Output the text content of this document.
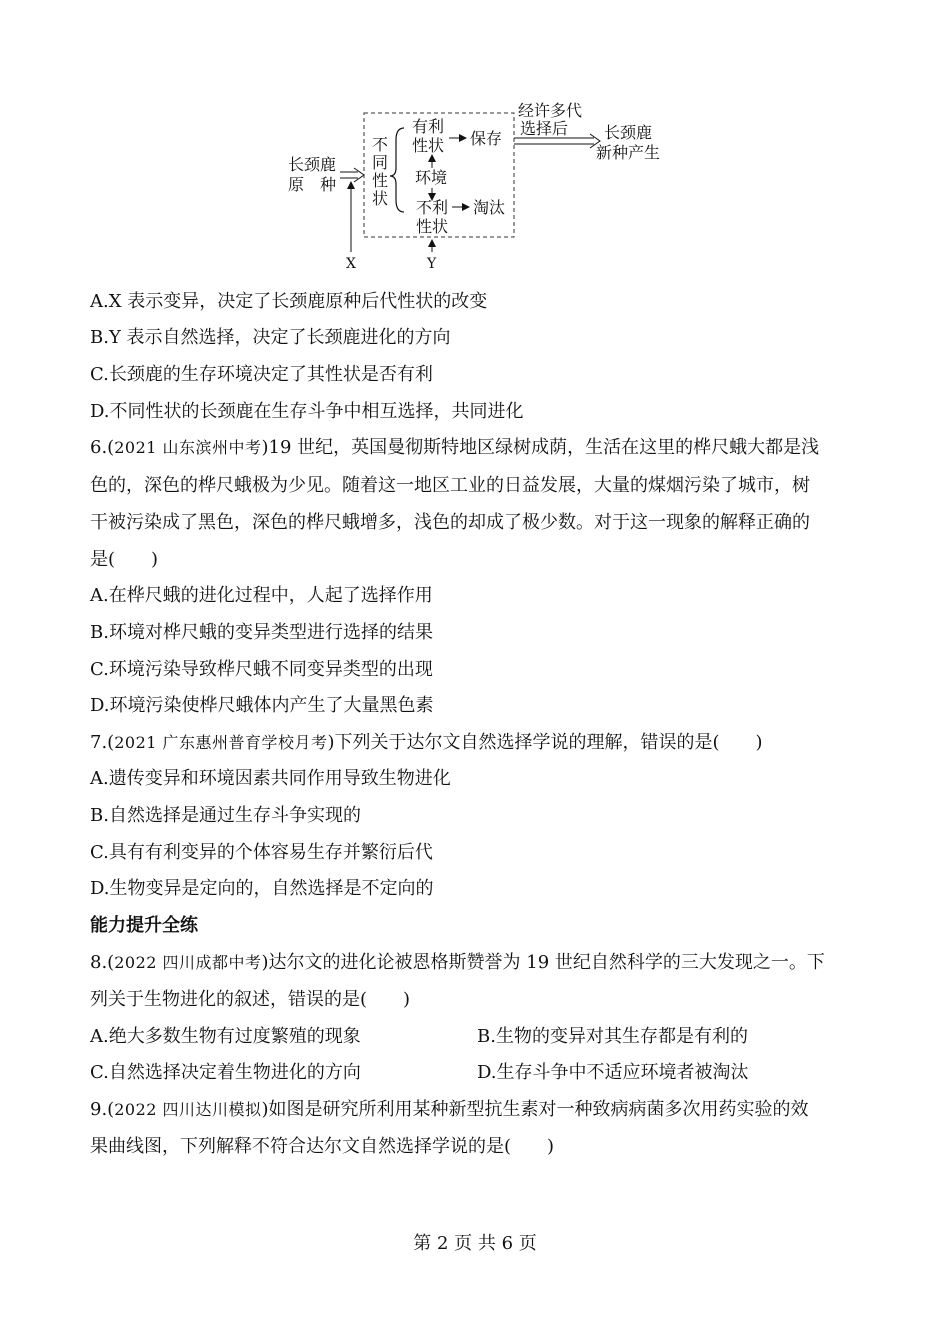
长颈鹿
原　种
不
同
性
状
有利
性状 保存
环境
不利
性状
淘汰
经许多代
选择后 长颈鹿
新种产生
X	Y
A.X 表示变异，决定了长颈鹿原种后代性状的改变
B.Y 表示自然选择，决定了长颈鹿进化的方向
C.长颈鹿的生存环境决定了其性状是否有利
D.不同性状的长颈鹿在生存斗争中相互选择，共同进化
6.(2021 山东滨州中考)19 世纪，英国曼彻斯特地区绿树成荫，生活在这里的桦尺蛾大都是浅
色的，深色的桦尺蛾极为少见。随着这一地区工业的日益发展，大量的煤烟污染了城市，树
干被污染成了黑色，深色的桦尺蛾增多，浅色的却成了极少数。对于这一现象的解释正确的
是(　　)
A.在桦尺蛾的进化过程中，人起了选择作用
B.环境对桦尺蛾的变异类型进行选择的结果
C.环境污染导致桦尺蛾不同变异类型的出现
D.环境污染使桦尺蛾体内产生了大量黑色素
7.(2021 广东惠州普育学校月考)下列关于达尔文自然选择学说的理解，错误的是(　　)
A.遗传变异和环境因素共同作用导致生物进化
B.自然选择是通过生存斗争实现的
C.具有有利变异的个体容易生存并繁衍后代
D.生物变异是定向的，自然选择是不定向的
能力提升全练
8.(2022 四川成都中考)达尔文的进化论被恩格斯赞誉为 19 世纪自然科学的三大发现之一。下
列关于生物进化的叙述，错误的是(　　)
A.绝大多数生物有过度繁殖的现象	B.生物的变异对其生存都是有利的
C.自然选择决定着生物进化的方向	D.生存斗争中不适应环境者被淘汰
9.(2022 四川达川模拟)如图是研究所利用某种新型抗生素对一种致病病菌多次用药实验的效
果曲线图，下列解释不符合达尔文自然选择学说的是(　　)
第 2 页 共 6 页
